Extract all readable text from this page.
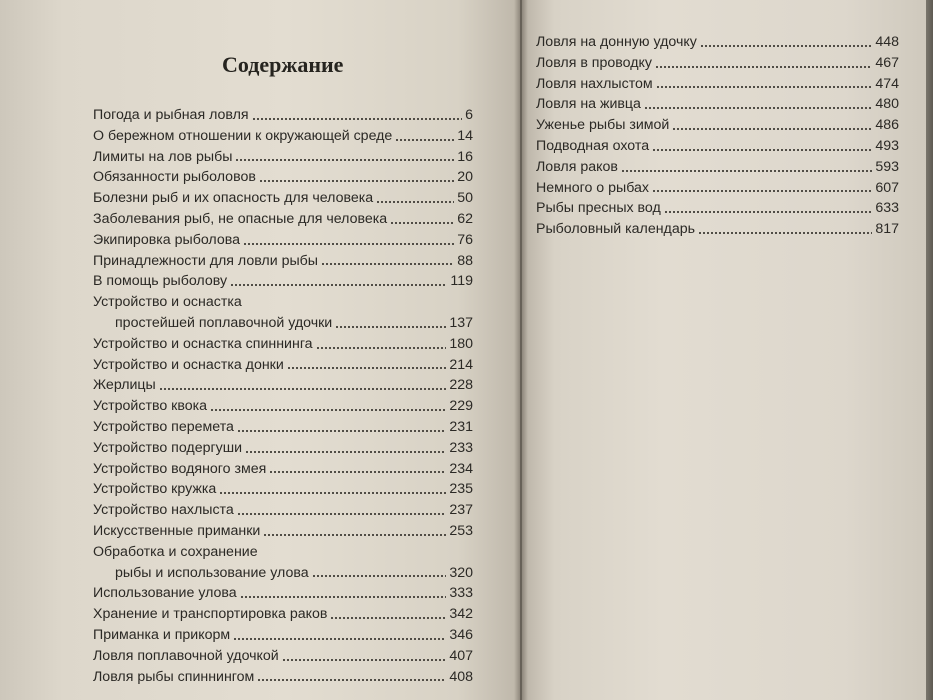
Содержание
Погода и рыбная ловля	6
О бережном отношении к окружающей среде	14
Лимиты на лов рыбы	16
Обязанности рыболовов	20
Болезни рыб и их опасность для человека	50
Заболевания рыб, не опасные для человека	62
Экипировка рыболова	76
Принадлежности для ловли рыбы	88
В помощь рыболову	119
Устройство и оснастка
простейшей поплавочной удочки	137
Устройство и оснастка спиннинга	180
Устройство и оснастка донки	214
Жерлицы	228
Устройство квока	229
Устройство перемета	231
Устройство подергуши	233
Устройство водяного змея	234
Устройство кружка	235
Устройство нахлыста	237
Искусственные приманки	253
Обработка и сохранение
рыбы и использование улова	320
Использование улова	333
Хранение и транспортировка раков	342
Приманка и прикорм	346
Ловля поплавочной удочкой	407
Ловля рыбы спиннингом	408
Ловля на донную удочку	448
Ловля в проводку	467
Ловля нахлыстом	474
Ловля на живца	480
Уженье рыбы зимой	486
Подводная охота	493
Ловля раков	593
Немного о рыбах	607
Рыбы пресных вод	633
Рыболовный календарь	817
